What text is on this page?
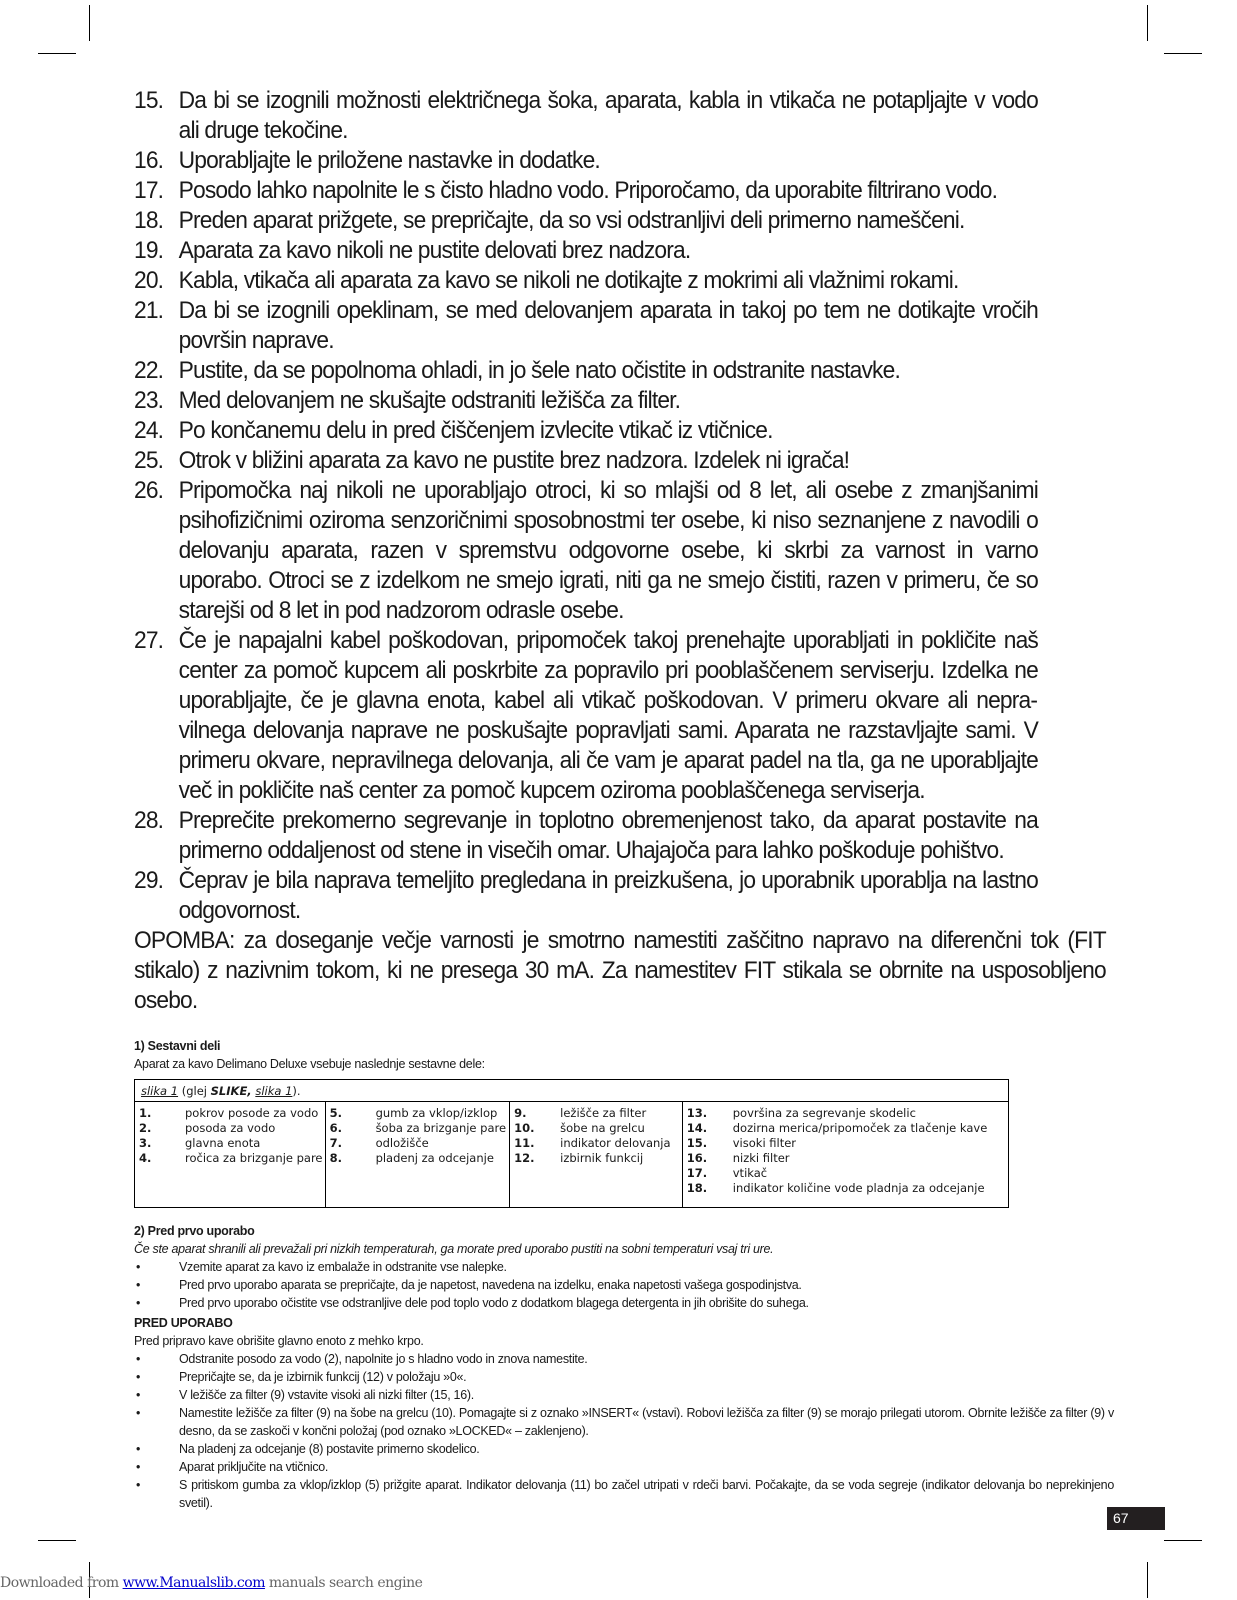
15. Da bi se izognili možnosti električnega šoka, aparata, kabla in vtikača ne potapljajte v vodo ali druge tekočine.
16. Uporabljajte le priložene nastavke in dodatke.
17. Posodo lahko napolnite le s čisto hladno vodo. Priporočamo, da uporabite filtrirano vodo.
18. Preden aparat prižgete, se prepričajte, da so vsi odstranljivi deli primerno nameščeni.
19. Aparata za kavo nikoli ne pustite delovati brez nadzora.
20. Kabla, vtikača ali aparata za kavo se nikoli ne dotikajte z mokrimi ali vlažnimi rokami.
21. Da bi se izognili opeklinam, se med delovanjem aparata in takoj po tem ne dotikajte vročih površin naprave.
22. Pustite, da se popolnoma ohladi, in jo šele nato očistite in odstranite nastavke.
23. Med delovanjem ne skušajte odstraniti ležišča za filter.
24. Po končanemu delu in pred čiščenjem izvlecite vtikač iz vtičnice.
25. Otrok v bližini aparata za kavo ne pustite brez nadzora. Izdelek ni igrača!
26. Pripomočka naj nikoli ne uporabljajo otroci, ki so mlajši od 8 let, ali osebe z zmanjšanimi psihofizičnimi oziroma senzoričnimi sposobnostmi ter osebe, ki niso seznanjene z navodili o delovanju aparata, razen v spremstvu odgovorne osebe, ki skrbi za varnost in varno uporabo. Otroci se z izdelkom ne smejo igrati, niti ga ne smejo čistiti, razen v primeru, če so starejši od 8 let in pod nadzorom odrasle osebe.
27. Če je napajalni kabel poškodovan, pripomoček takoj prenehajte uporabljati in pokličite naš center za pomoč kupcem ali poskrbite za popravilo pri pooblaščenem serviserju. Izdelka ne uporabljajte, če je glavna enota, kabel ali vtikač poškodovan. V primeru okvare ali nepravilnega delovanja naprave ne poskušajte popravljati sami. Aparata ne razstavljajte sami. V primeru okvare, nepravilnega delovanja, ali če vam je aparat padel na tla, ga ne uporabljajte več in pokličite naš center za pomoč kupcem oziroma pooblaščenega serviserja.
28. Preprečite prekomerno segrevanje in toplotno obremenjenost tako, da aparat postavite na primerno oddaljenost od stene in visečih omar. Uhajajoča para lahko poškoduje pohištvo.
29. Čeprav je bila naprava temeljito pregledana in preizkušena, jo uporabnik uporablja na lastno odgovornost.
OPOMBA: za doseganje večje varnosti je smotrno namestiti zaščitno napravo na diferenčni tok (FIT stikalo) z nazivnim tokom, ki ne presega 30 mA. Za namestitev FIT stikala se obrnite na usposobljeno osebo.
1) Sestavni deli
Aparat za kavo Delimano Deluxe vsebuje naslednje sestavne dele:
slika 1 (glej SLIKE, slika 1).
1.	pokrov posode za vodo
2.	posoda za vodo
3.	glavna enota
4.	ročica za brizganje pare
5.	gumb za vklop/izklop
6.	šoba za brizganje pare
7.	odložišče
8.	pladenj za odcejanje
9.	ležišče za filter
10.	šobe na grelcu
11.	indikator delovanja
12.	izbirnik funkcij
13.	površina za segrevanje skodelic
14.	dozirna merica/pripomoček za tlačenje kave
15.	visoki filter
16.	nizki filter
17.	vtikač
18.	indikator količine vode pladnja za odcejanje
2) Pred prvo uporabo
Če ste aparat shranili ali prevažali pri nizkih temperaturah, ga morate pred uporabo pustiti na sobni temperaturi vsaj tri ure.
•	Vzemite aparat za kavo iz embalaže in odstranite vse nalepke.
•	Pred prvo uporabo aparata se prepričajte, da je napetost, navedena na izdelku, enaka napetosti vašega gospodinjstva.
•	Pred prvo uporabo očistite vse odstranljive dele pod toplo vodo z dodatkom blagega detergenta in jih obrišite do suhega.
PRED UPORABO
Pred pripravo kave obrišite glavno enoto z mehko krpo.
•	Odstranite posodo za vodo (2), napolnite jo s hladno vodo in znova namestite.
•	Prepričajte se, da je izbirnik funkcij (12) v položaju »0«.
•	V ležišče za filter (9) vstavite visoki ali nizki filter (15, 16).
•	Namestite ležišče za filter (9) na šobe na grelcu (10). Pomagajte si z oznako »INSERT« (vstavi). Robovi ležišča za filter (9) se morajo prilegati utorom. Obrnite ležišče za filter (9) v desno, da se zaskoči v končni položaj (pod oznako »LOCKED« – zaklenjeno).
•	Na pladenj za odcejanje (8) postavite primerno skodelico.
•	Aparat priključite na vtičnico.
•	S pritiskom gumba za vklop/izklop (5) prižgite aparat. Indikator delovanja (11) bo začel utripati v rdeči barvi. Počakajte, da se voda segreje (indikator delovanja bo neprekinjeno svetil).
67
Downloaded from www.Manualslib.com manuals search engine
